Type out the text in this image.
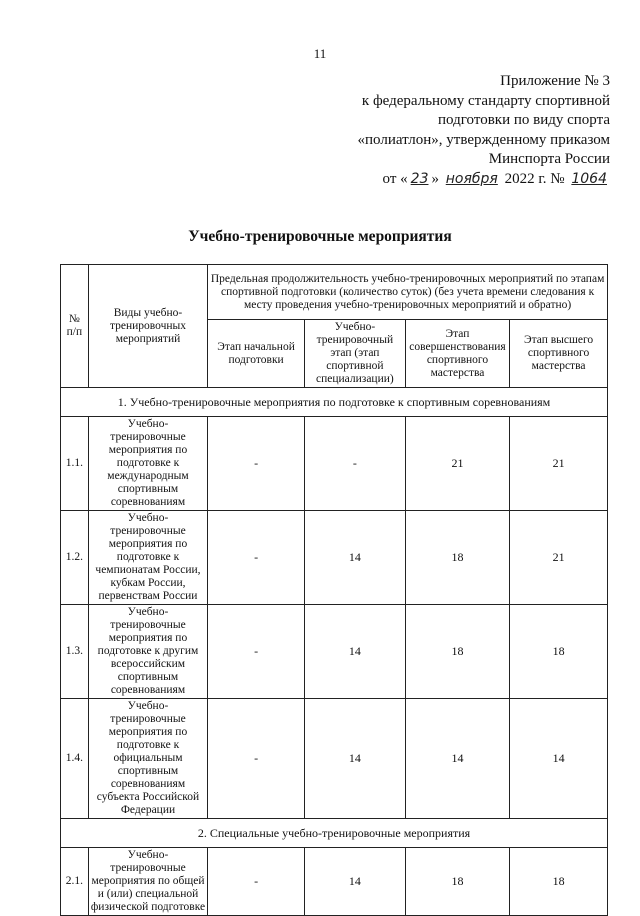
11
Приложение № 3
к федеральному стандарту спортивной
подготовки по виду спорта
«полиатлон», утвержденному приказом
Минспорта России
от « 23 » ноября 2022 г. № 1064
Учебно-тренировочные мероприятия
№ п/п	Виды учебно-тренировочных мероприятий	Предельная продолжительность учебно-тренировочных мероприятий по этапам спортивной подготовки (количество суток) (без учета времени следования к месту проведения учебно-тренировочных мероприятий и обратно)			
		Этап начальной подготовки	Учебно-тренировочный этап (этап спортивной специализации)	Этап совершенствования спортивного мастерства	Этап высшего спортивного мастерства
1. Учебно-тренировочные мероприятия по подготовке к спортивным соревнованиям					
1.1.	Учебно-тренировочные мероприятия по подготовке к международным спортивным соревнованиям	-	-	21	21
1.2.	Учебно-тренировочные мероприятия по подготовке к чемпионатам России, кубкам России, первенствам России	-	14	18	21
1.3.	Учебно-тренировочные мероприятия по подготовке к другим всероссийским спортивным соревнованиям	-	14	18	18
1.4.	Учебно-тренировочные мероприятия по подготовке к официальным спортивным соревнованиям субъекта Российской Федерации	-	14	14	14
2. Специальные учебно-тренировочные мероприятия					
2.1.	Учебно-тренировочные мероприятия по общей и (или) специальной физической подготовке	-	14	18	18
